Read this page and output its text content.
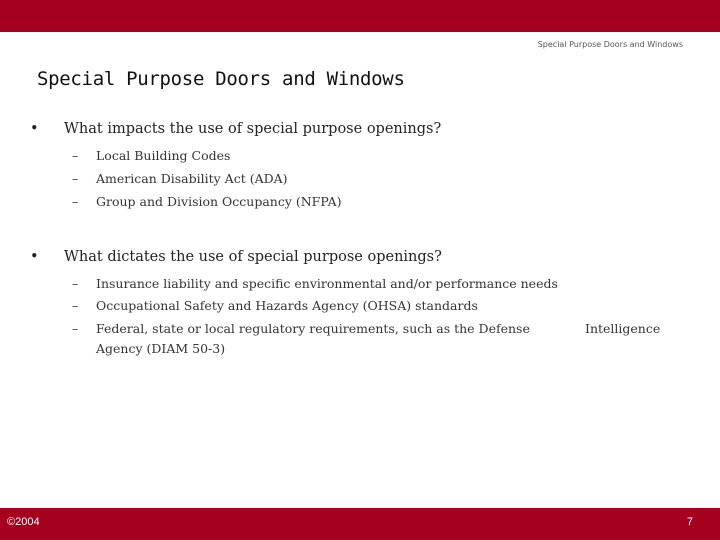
Special Purpose Doors and Windows
Special Purpose Doors and Windows
• What impacts the use of special purpose openings?
– Local Building Codes
– American Disability Act (ADA)
– Group and Division Occupancy (NFPA)
• What dictates the use of special purpose openings?
– Insurance liability and specific environmental and/or performance needs
– Occupational Safety and Hazards Agency (OHSA) standards
– Federal, state or local regulatory requirements, such as the Defense	Intelligence
Agency (DIAM 50-3)
©2004	7
